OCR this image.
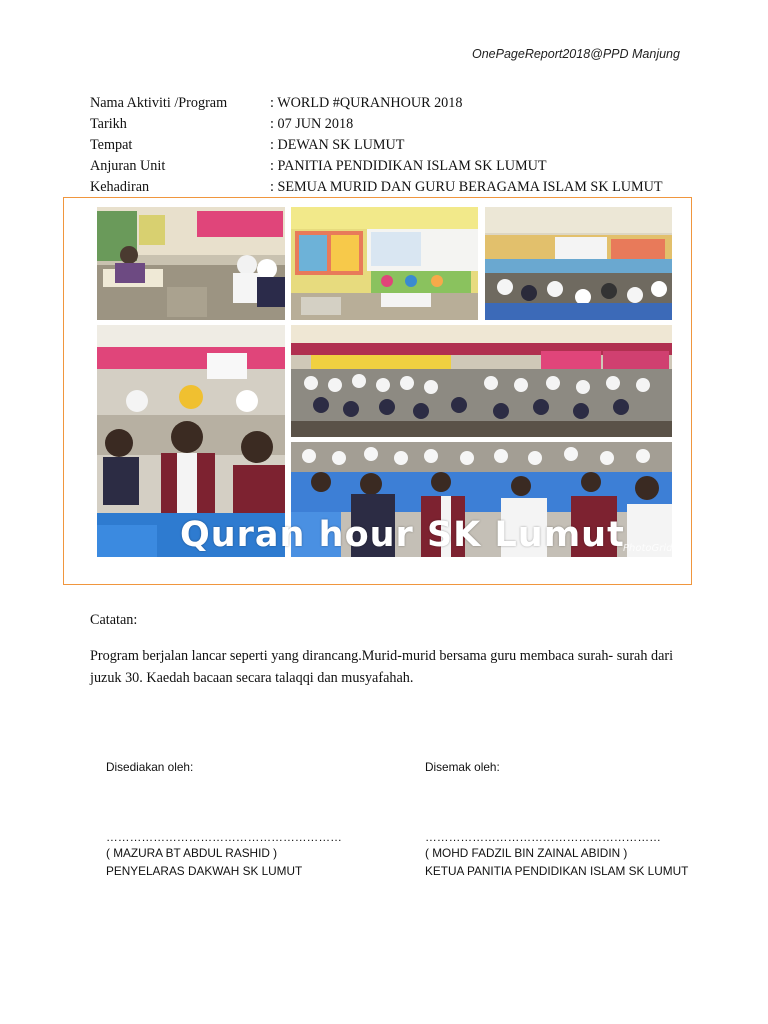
OnePageReport2018@PPD Manjung
Nama Aktiviti /Program	: WORLD #QURANHOUR 2018
Tarikh	: 07 JUN 2018
Tempat	: DEWAN SK LUMUT
Anjuran Unit	: PANITIA PENDIDIKAN ISLAM SK LUMUT
Kehadiran	: SEMUA MURID DAN GURU BERAGAMA ISLAM SK LUMUT
Quran hour SK Lumut
PhotoGrid
Catatan:
Program berjalan lancar seperti yang dirancang.Murid-murid bersama guru membaca surah- surah dari juzuk 30. Kaedah bacaan secara talaqqi dan musyafahah.
Disediakan oleh:
……………………………………………………
( MAZURA BT ABDUL RASHID )
PENYELARAS DAKWAH SK LUMUT
Disemak oleh:
……………………………………………………
( MOHD FADZIL BIN ZAINAL ABIDIN )
KETUA PANITIA PENDIDIKAN ISLAM SK LUMUT
